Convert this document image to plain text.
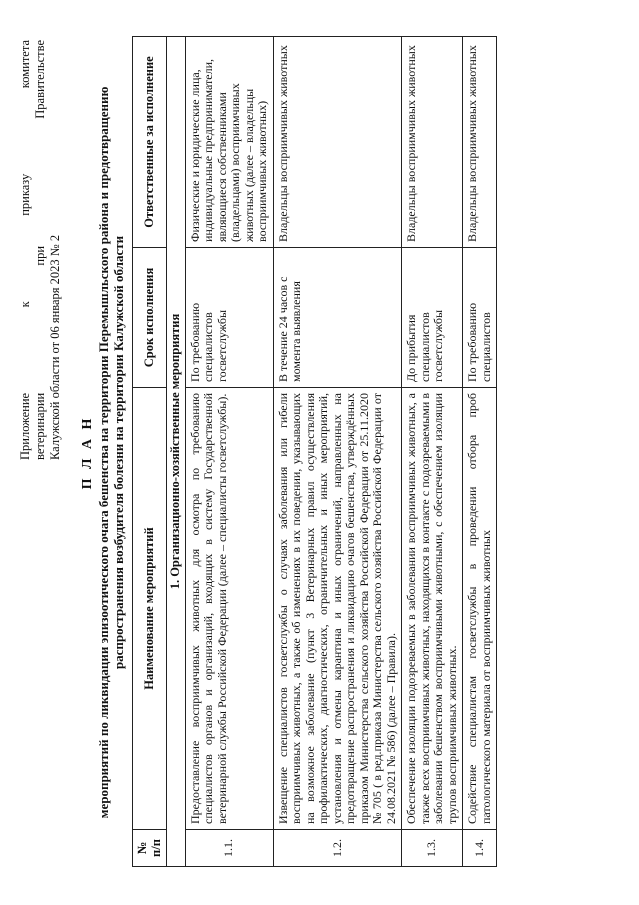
Приложение к приказу комитета ветеринарии при Правительстве Калужской области от 06 января 2023 № 2 П Л А Н мероприятий по ликвидации эпизоотического очага бешенства на территории Перемышльского района и предотвращению распространения возбудителя болезни на территории Калужской области
№ п/п	Наименование мероприятий	Срок исполнения	Ответственные за исполнение
1. Организационно-хозяйственные мероприятия			
1.1.	Предоставление восприимчивых животных для осмотра по требованию специалистов органов и организаций, входящих в систему Государственной ветеринарной службы Российской Федерации (далее – специалисты госветслужбы).	По требованию специалистов госветслужбы	Физические и юридические лица, индивидуальные предприниматели, являющиеся собственниками (владельцами) восприимчивых животных (далее – владельцы восприимчивых животных)
1.2.	Извещение специалистов госветслужбы о случаях заболевания или гибели восприимчивых животных, а также об изменениях в их поведении, указывающих на возможное заболевание (пункт 3 Ветеринарных правил осуществления профилактических, диагностических, ограничительных и иных мероприятий, установления и отмены карантина и иных ограничений, направленных на предотвращение распространения и ликвидацию очагов бешенства, утверждённых приказом Министерства сельского хозяйства Российской Федерации от 25.11.2020 № 705 ( в ред.приказа Министерства сельского хозяйства Российской Федерации от 24.08.2021 № 586) (далее – Правила).	В течение 24 часов с момента выявления	Владельцы восприимчивых животных
1.3.	Обеспечение изоляции подозреваемых в заболевании восприимчивых животных, а также всех восприимчивых животных, находящихся в контакте с подозреваемыми в заболевании бешенством восприимчивыми животными, с обеспечением изоляции трупов восприимчивых животных.	До прибытия специалистов госветслужбы	Владельцы восприимчивых животных
1.4.	Содействие специалистам госветслужбы в проведении отбора проб патологического материала от восприимчивых животных	По требованию специалистов	Владельцы восприимчивых животных
